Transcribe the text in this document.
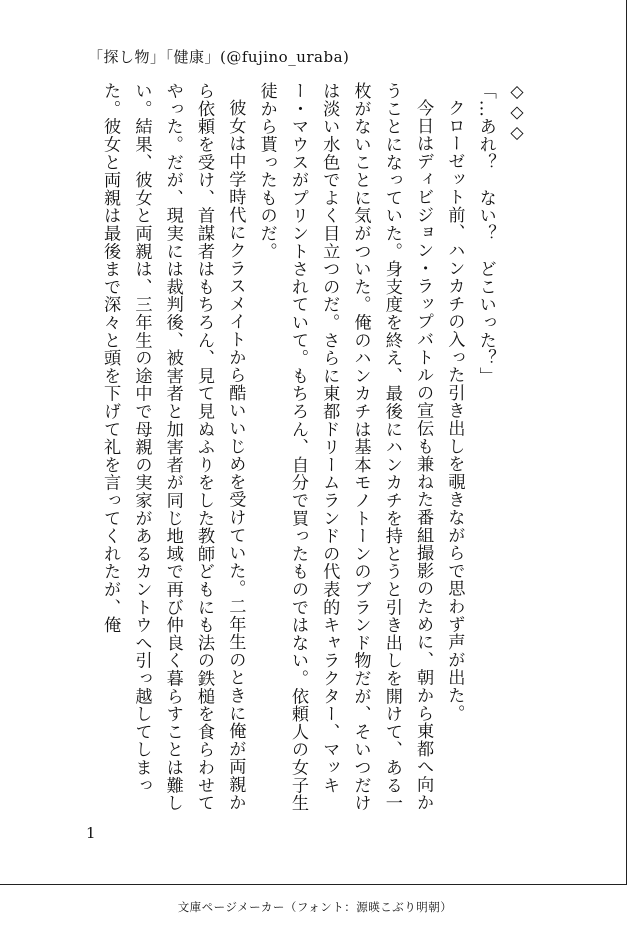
「探し物」「健康」(@fujino_uraba)

◇◇◇

「…あれ？　ない？　どこいった？」

クローゼット前、ハンカチの入った引き出しを覗きながらで思わず声が出た。

今日はディビジョン・ラップバトルの宣伝も兼ねた番組撮影のために、朝から東都へ向かうことになっていた。身支度を終え、最後にハンカチを持とうと引き出しを開けて、ある一枚がないことに気がついた。俺のハンカチは基本モノトーンのブランド物だが、そいつだけは淡い水色でよく目立つのだ。さらに東都ドリームランドの代表的キャラクター、マッキー・マウスがプリントされていて。もちろん、自分で買ったものではない。依頼人の女子生徒から貰ったものだ。

彼女は中学時代にクラスメイトから酷いいじめを受けていた。二年生のときに俺が両親から依頼を受け、首謀者はもちろん、見て見ぬふりをした教師どもにも法の鉄槌を食らわせてやった。だが、現実には裁判後、被害者と加害者が同じ地域で再び仲良く暮らすことは難しい。結果、彼女と両親は、三年生の途中で母親の実家があるカントウへ引っ越してしまった。彼女と両親は最後まで深々と頭を下げて礼を言ってくれたが、俺

1
文庫ページメーカー（フォント：源暎こぶり明朝）
